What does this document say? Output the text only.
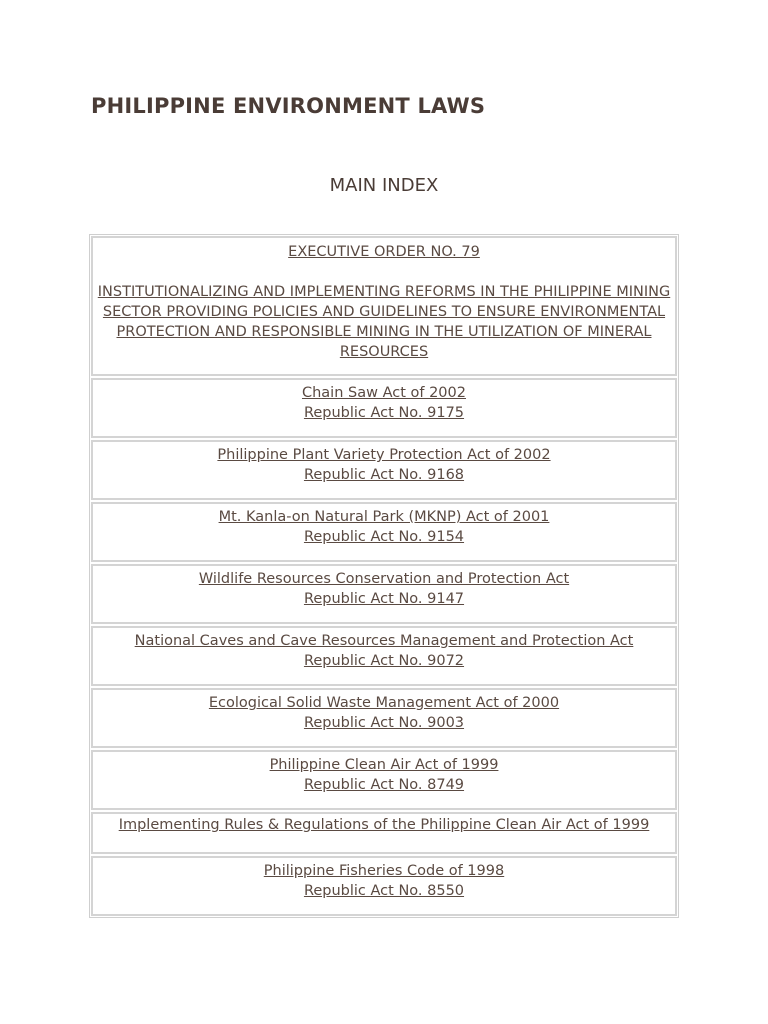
PHILIPPINE ENVIRONMENT LAWS
MAIN INDEX
EXECUTIVE ORDER NO. 79
INSTITUTIONALIZING AND IMPLEMENTING REFORMS IN THE PHILIPPINE MINING SECTOR PROVIDING POLICIES AND GUIDELINES TO ENSURE ENVIRONMENTAL PROTECTION AND RESPONSIBLE MINING IN THE UTILIZATION OF MINERAL RESOURCES
Chain Saw Act of 2002
Republic Act No. 9175
Philippine Plant Variety Protection Act of 2002
Republic Act No. 9168
Mt. Kanla-on Natural Park (MKNP) Act of 2001
Republic Act No. 9154
Wildlife Resources Conservation and Protection Act
Republic Act No. 9147
National Caves and Cave Resources Management and Protection Act
Republic Act No. 9072
Ecological Solid Waste Management Act of 2000
Republic Act No. 9003
Philippine Clean Air Act of 1999
Republic Act No. 8749
Implementing Rules & Regulations of the Philippine Clean Air Act of 1999
Philippine Fisheries Code of 1998
Republic Act No. 8550
